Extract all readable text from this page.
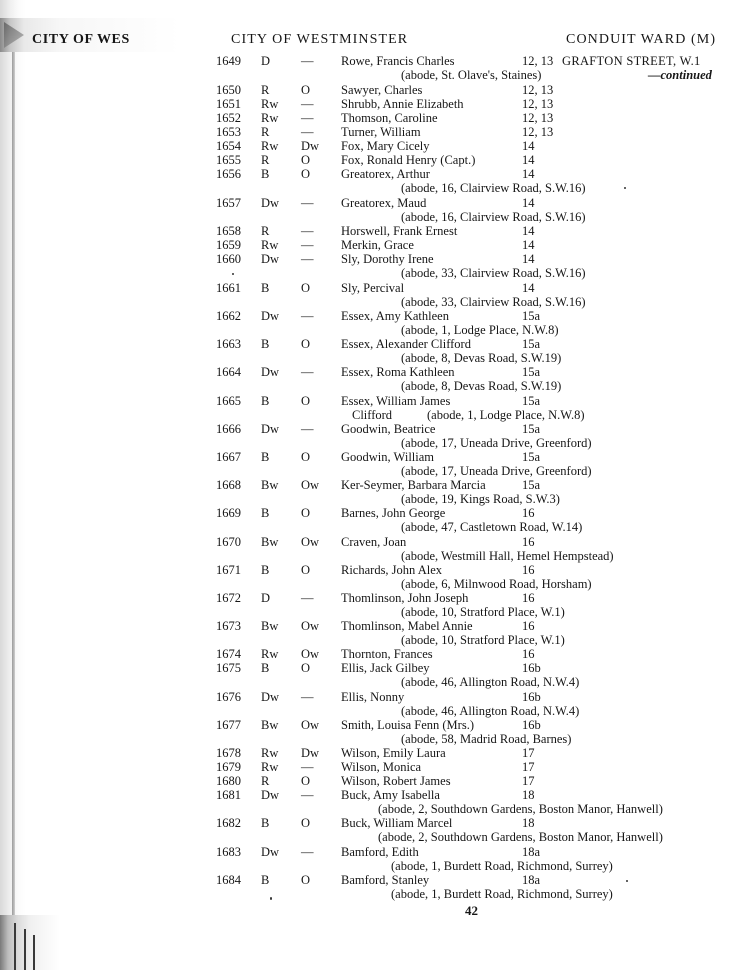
CITY OF WES	CITY OF WESTMINSTER	CONDUIT WARD (M)
1649 D — Rowe, Francis Charles	12, 13 GRAFTON STREET, W.1
(abode, St. Olave's, Staines)	—continued
1650 R	O Sawyer, Charles	12, 13
1651 Rw — Shrubb, Annie Elizabeth	12, 13
1652 Rw — Thomson, Caroline	12, 13
1653 R	— Turner, William	12, 13
1654 Rw Dw Fox, Mary Cicely	14
1655 R	O Fox, Ronald Henry (Capt.)	14
1656 B	O Greatorex, Arthur	14
(abode, 16, Clairview Road, S.W.16)
1657 Dw — Greatorex, Maud	14
(abode, 16, Clairview Road, S.W.16)
1658 R	— Horswell, Frank Ernest	14
1659 Rw — Merkin, Grace	14
1660 Dw — Sly, Dorothy Irene	14
(abode, 33, Clairview Road, S.W.16)
1661 B	O Sly, Percival	14
(abode, 33, Clairview Road, S.W.16)
1662 Dw — Essex, Amy Kathleen	15a
(abode, 1, Lodge Place, N.W.8)
1663 B	O Essex, Alexander Clifford	15a
(abode, 8, Devas Road, S.W.19)
1664 Dw — Essex, Roma Kathleen	15a
(abode, 8, Devas Road, S.W.19)
1665 B	O Essex, William James	15a
Clifford	(abode, 1, Lodge Place, N.W.8)
1666 Dw — Goodwin, Beatrice	15a
(abode, 17, Uneada Drive, Greenford)
1667 B	O Goodwin, William	15a
(abode, 17, Uneada Drive, Greenford)
1668 Bw Ow Ker-Seymer, Barbara Marcia	15a
(abode, 19, Kings Road, S.W.3)
1669 B	O Barnes, John George	16
(abode, 47, Castletown Road, W.14)
1670 Bw Ow Craven, Joan	16
(abode, Westmill Hall, Hemel Hempstead)
1671 B	O Richards, John Alex	16
(abode, 6, Milnwood Road, Horsham)
1672 D — Thomlinson, John Joseph	16
(abode, 10, Stratford Place, W.1)
1673 Bw Ow Thomlinson, Mabel Annie	16
(abode, 10, Stratford Place, W.1)
1674 Rw Ow Thornton, Frances	16
1675 B	O Ellis, Jack Gilbey	16b
(abode, 46, Allington Road, N.W.4)
1676 Dw — Ellis, Nonny	16b
(abode, 46, Allington Road, N.W.4)
1677 Bw Ow Smith, Louisa Fenn (Mrs.)	16b
(abode, 58, Madrid Road, Barnes)
1678 Rw Dw Wilson, Emily Laura	17
1679 Rw — Wilson, Monica	17
1680 R	O Wilson, Robert James	17
1681 Dw — Buck, Amy Isabella	18
(abode, 2, Southdown Gardens, Boston Manor, Hanwell)
1682 B	O Buck, William Marcel	18
(abode, 2, Southdown Gardens, Boston Manor, Hanwell)
1683 Dw — Bamford, Edith	18a
(abode, 1, Burdett Road, Richmond, Surrey)
1684 B	O Bamford, Stanley	18a
(abode, 1, Burdett Road, Richmond, Surrey)
42
